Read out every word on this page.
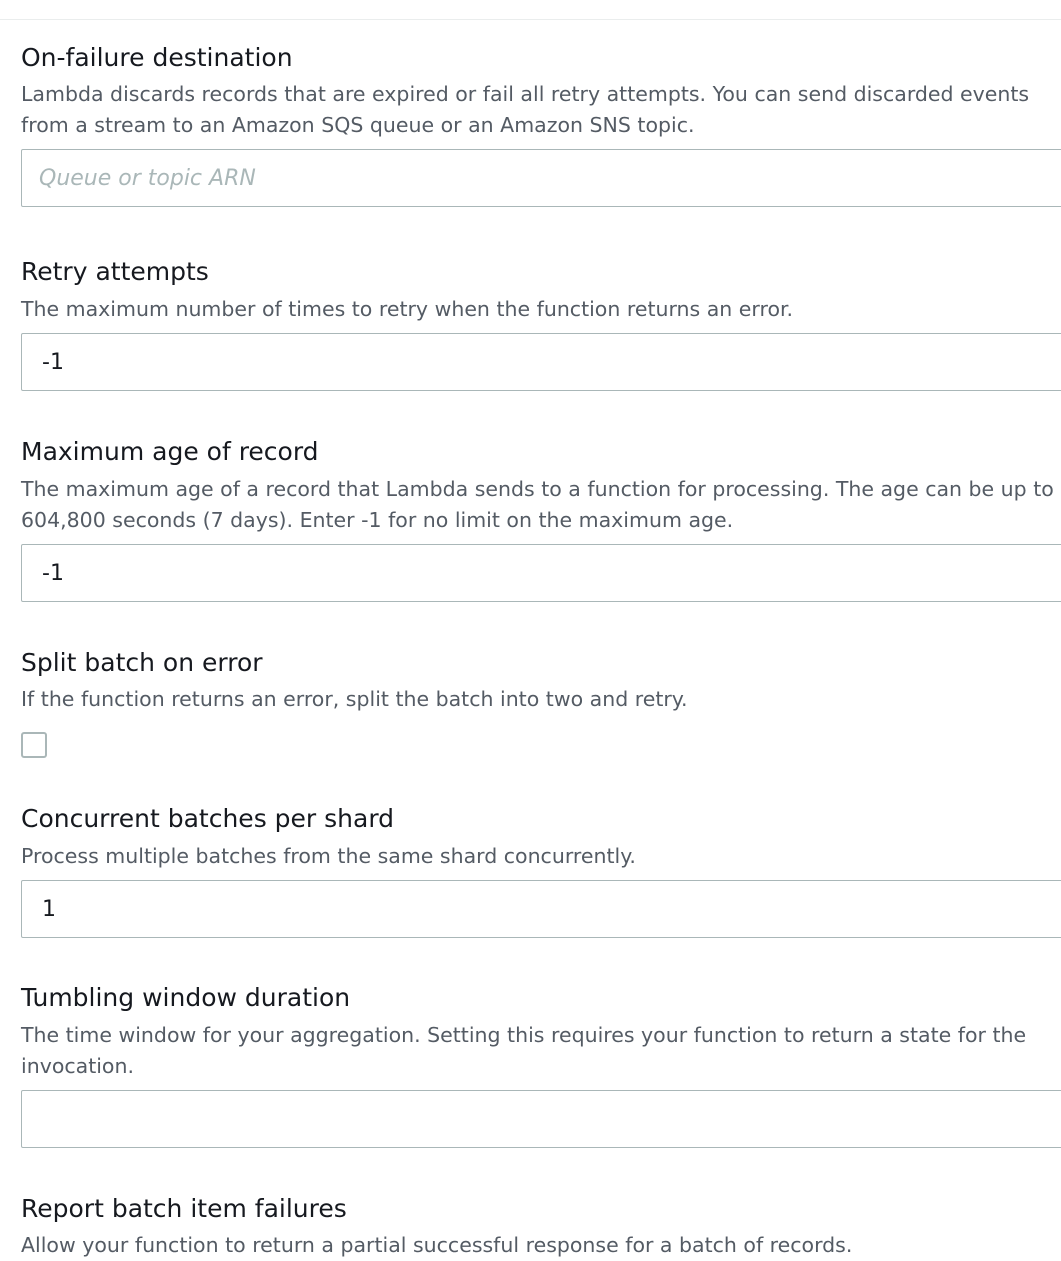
On-failure destination
Lambda discards records that are expired or fail all retry attempts. You can send discarded events from a stream to an Amazon SQS queue or an Amazon SNS topic.
Queue or topic ARN
Retry attempts
The maximum number of times to retry when the function returns an error.
-1
Maximum age of record
The maximum age of a record that Lambda sends to a function for processing. The age can be up to 604,800 seconds (7 days). Enter -1 for no limit on the maximum age.
-1
Split batch on error
If the function returns an error, split the batch into two and retry.
Concurrent batches per shard
Process multiple batches from the same shard concurrently.
1
Tumbling window duration
The time window for your aggregation. Setting this requires your function to return a state for the invocation.
Report batch item failures
Allow your function to return a partial successful response for a batch of records.
